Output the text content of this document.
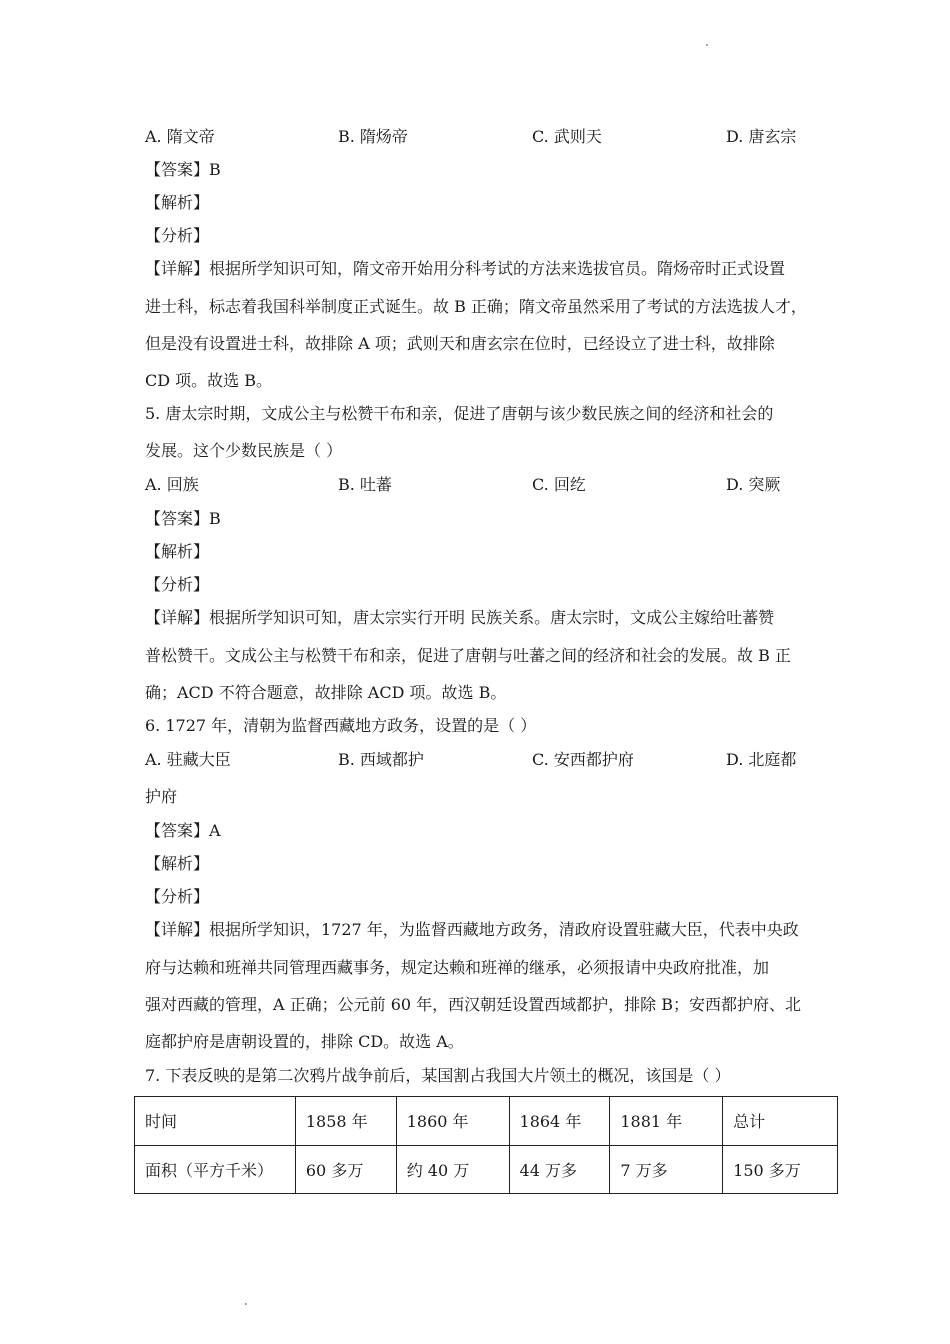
A. 隋文帝	B. 隋炀帝	C. 武则天	D. 唐玄宗
【答案】B
【解析】
【分析】
【详解】根据所学知识可知，隋文帝开始用分科考试的方法来选拔官员。隋炀帝时正式设置
进士科，标志着我国科举制度正式诞生。故 B 正确；隋文帝虽然采用了考试的方法选拔人才，
但是没有设置进士科，故排除 A 项；武则天和唐玄宗在位时，已经设立了进士科，故排除
CD 项。故选 B。
5. 唐太宗时期，文成公主与松赞干布和亲，促进了唐朝与该少数民族之间的经济和社会的
发展。这个少数民族是（ ）
A. 回族	B. 吐蕃	C. 回纥	D. 突厥
【答案】B
【解析】
【分析】
【详解】根据所学知识可知，唐太宗实行开明 民族关系。唐太宗时，文成公主嫁给吐蕃赞
普松赞干。文成公主与松赞干布和亲，促进了唐朝与吐蕃之间的经济和社会的发展。故 B 正
确；ACD 不符合题意，故排除 ACD 项。故选 B。
6. 1727 年，清朝为监督西藏地方政务，设置的是（ ）
A. 驻藏大臣	B. 西域都护	C. 安西都护府	D. 北庭都
护府
【答案】A
【解析】
【分析】
【详解】根据所学知识，1727 年，为监督西藏地方政务，清政府设置驻藏大臣，代表中央政
府与达赖和班禅共同管理西藏事务，规定达赖和班禅的继承，必须报请中央政府批准，加
强对西藏的管理，A 正确；公元前 60 年，西汉朝廷设置西域都护，排除 B；安西都护府、北
庭都护府是唐朝设置的，排除 CD。故选 A。
7. 下表反映的是第二次鸦片战争前后，某国割占我国大片领土的概况，该国是（ ）
时间	1858 年	1860 年	1864 年	1881 年	总计
面积（平方千米）	60 多万	约 40 万	44 万多	7 万多	150 多万
